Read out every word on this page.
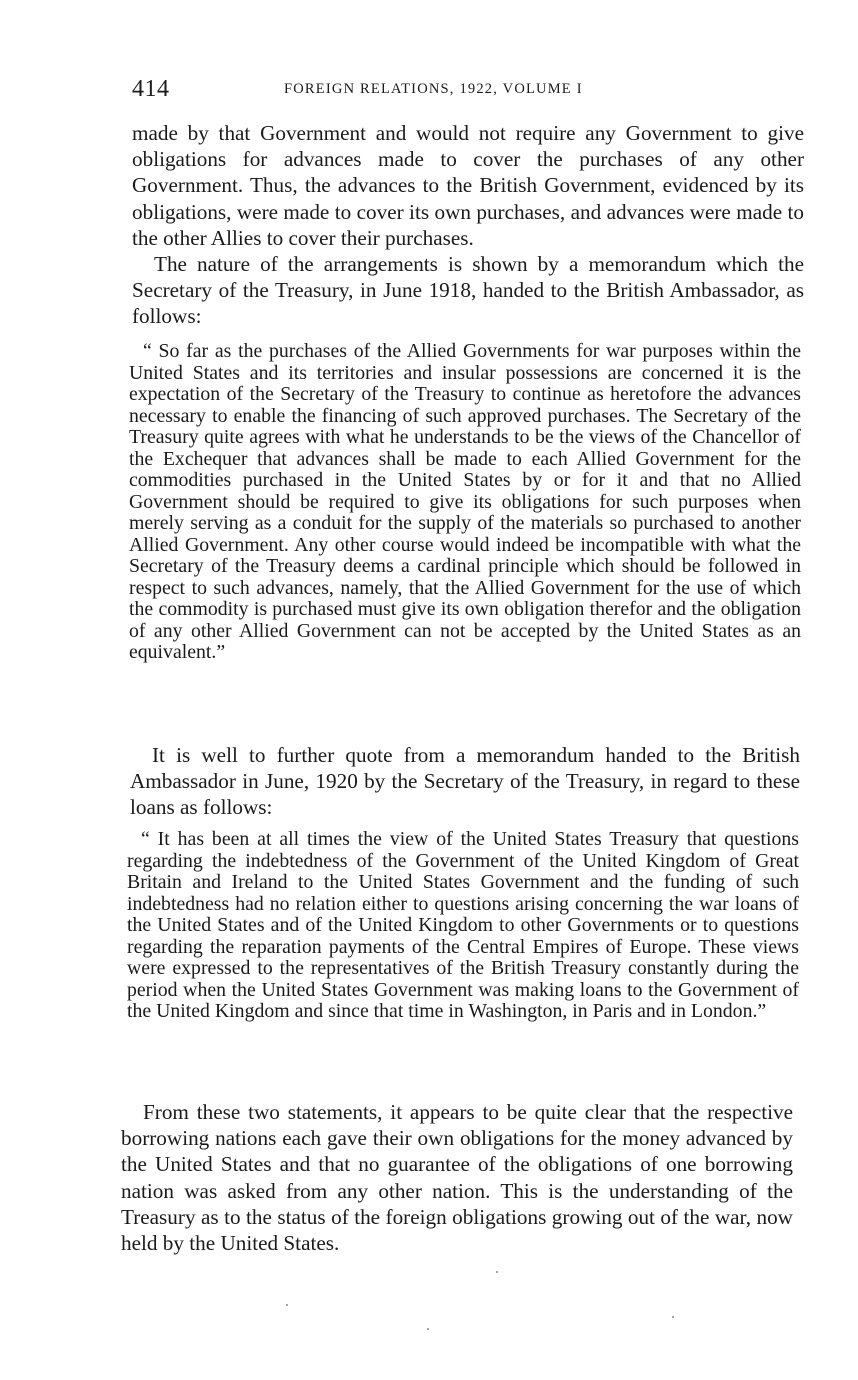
414	FOREIGN RELATIONS, 1922, VOLUME I

made by that Government and would not require any Government to give obligations for advances made to cover the purchases of any other Government. Thus, the advances to the British Government, evidenced by its obligations, were made to cover its own purchases, and advances were made to the other Allies to cover their purchases.

The nature of the arrangements is shown by a memorandum which the Secretary of the Treasury, in June 1918, handed to the British Ambassador, as follows:

“ So far as the purchases of the Allied Governments for war purposes within the United States and its territories and insular possessions are concerned it is the expectation of the Secretary of the Treasury to continue as heretofore the advances necessary to enable the financing of such approved purchases. The Secretary of the Treasury quite agrees with what he understands to be the views of the Chancellor of the Exchequer that advances shall be made to each Allied Government for the commodities purchased in the United States by or for it and that no Allied Government should be required to give its obligations for such purposes when merely serving as a conduit for the supply of the materials so purchased to another Allied Government. Any other course would indeed be incompatible with what the Secretary of the Treasury deems a cardinal principle which should be followed in respect to such advances, namely, that the Allied Government for the use of which the commodity is purchased must give its own obligation therefor and the obligation of any other Allied Government can not be accepted by the United States as an equivalent.”

It is well to further quote from a memorandum handed to the British Ambassador in June, 1920 by the Secretary of the Treasury, in regard to these loans as follows:

“ It has been at all times the view of the United States Treasury that questions regarding the indebtedness of the Government of the United Kingdom of Great Britain and Ireland to the United States Government and the funding of such indebtedness had no relation either to questions arising concerning the war loans of the United States and of the United Kingdom to other Governments or to questions regarding the reparation payments of the Central Empires of Europe. These views were expressed to the representatives of the British Treasury constantly during the period when the United States Government was making loans to the Government of the United Kingdom and since that time in Washington, in Paris and in London.”

From these two statements, it appears to be quite clear that the respective borrowing nations each gave their own obligations for the money advanced by the United States and that no guarantee of the obligations of one borrowing nation was asked from any other nation. This is the understanding of the Treasury as to the status of the foreign obligations growing out of the war, now held by the United States.
